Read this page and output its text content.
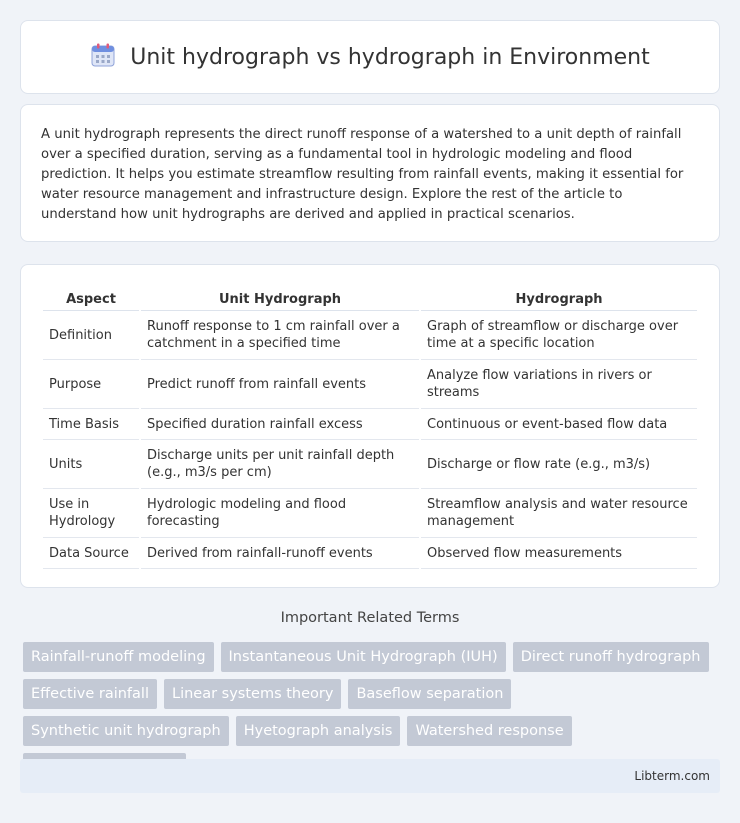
Unit hydrograph vs hydrograph in Environment

A unit hydrograph represents the direct runoff response of a watershed to a unit depth of rainfall over a specified duration, serving as a fundamental tool in hydrologic modeling and flood prediction. It helps you estimate streamflow resulting from rainfall events, making it essential for water resource management and infrastructure design. Explore the rest of the article to understand how unit hydrographs are derived and applied in practical scenarios.

Aspect	Unit Hydrograph	Hydrograph
Definition	Runoff response to 1 cm rainfall over a catchment in a specified time	Graph of streamflow or discharge over time at a specific location
Purpose	Predict runoff from rainfall events	Analyze flow variations in rivers or streams
Time Basis	Specified duration rainfall excess	Continuous or event-based flow data
Units	Discharge units per unit rainfall depth (e.g., m3/s per cm)	Discharge or flow rate (e.g., m3/s)
Use in Hydrology	Hydrologic modeling and flood forecasting	Streamflow analysis and water resource management
Data Source	Derived from rainfall-runoff events	Observed flow measurements
Important Related Terms
Rainfall-runoff modeling	Instantaneous Unit Hydrograph (IUH)	Direct runoff hydrograph
Effective rainfall	Linear systems theory	Baseflow separation
Synthetic unit hydrograph	Hyetograph analysis	Watershed response
Libterm.com
